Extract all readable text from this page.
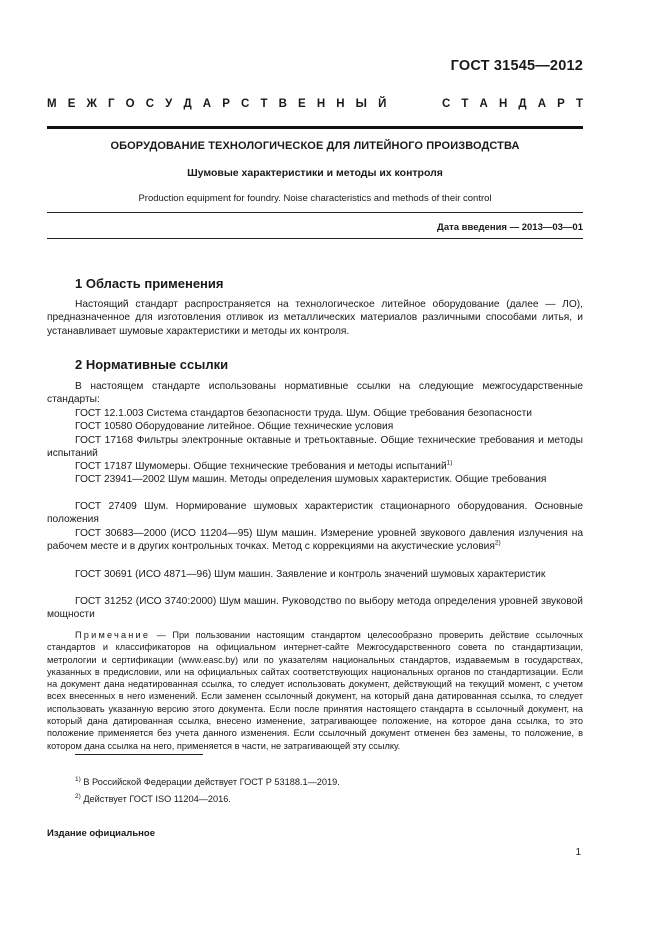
ГОСТ 31545—2012
М Е Ж Г О С У Д А Р С Т В Е Н Н Ы Й     С Т А Н Д А Р Т
ОБОРУДОВАНИЕ ТЕХНОЛОГИЧЕСКОЕ ДЛЯ ЛИТЕЙНОГО ПРОИЗВОДСТВА
Шумовые характеристики и методы их контроля
Production equipment for foundry. Noise characteristics and methods of their control
Дата введения — 2013—03—01
1 Область применения
Настоящий стандарт распространяется на технологическое литейное оборудование (далее — ЛО), предназначенное для изготовления отливок из металлических материалов различными способами литья, и устанавливает шумовые характеристики и методы их контроля.
2 Нормативные ссылки
В настоящем стандарте использованы нормативные ссылки на следующие межгосударственные стандарты:
ГОСТ 12.1.003 Система стандартов безопасности труда. Шум. Общие требования безопасности
ГОСТ 10580 Оборудование литейное. Общие технические условия
ГОСТ 17168 Фильтры электронные октавные и третьоктавные. Общие технические требования и методы испытаний
ГОСТ 17187 Шумомеры. Общие технические требования и методы испытаний$^{1)}$
ГОСТ 23941—2002 Шум машин. Методы определения шумовых характеристик. Общие требования
ГОСТ 27409 Шум. Нормирование шумовых характеристик стационарного оборудования. Основные положения
ГОСТ 30683—2000 (ИСО 11204—95) Шум машин. Измерение уровней звукового давления излучения на рабочем месте и в других контрольных точках. Метод с коррекциями на акустические условия$^{2)}$
ГОСТ 30691 (ИСО 4871—96) Шум машин. Заявление и контроль значений шумовых характеристик
ГОСТ 31252 (ИСО 3740:2000) Шум машин. Руководство по выбору метода определения уровней звуковой мощности
Примечание — При пользовании настоящим стандартом целесообразно проверить действие ссылочных стандартов и классификаторов на официальном интернет-сайте Межгосударственного совета по стандартизации, метрологии и сертификации (www.easc.by) или по указателям национальных стандартов, издаваемым в государствах, указанных в предисловии, или на официальных сайтах соответствующих национальных органов по стандартизации. Если на документ дана недатированная ссылка, то следует использовать документ, действующий на текущий момент, с учетом всех внесенных в него изменений. Если заменен ссылочный документ, на который дана датированная ссылка, то следует использовать указанную версию этого документа. Если после принятия настоящего стандарта в ссылочный документ, на который дана датированная ссылка, внесено изменение, затрагивающее положение, на которое дана ссылка, то это положение применяется без учета данного изменения. Если ссылочный документ отменен без замены, то положение, в котором дана ссылка на него, применяется в части, не затрагивающей эту ссылку.
$^{1)}$ В Российской Федерации действует ГОСТ Р 53188.1—2019.
$^{2)}$ Действует ГОСТ ISO 11204—2016.
Издание официальное
1
